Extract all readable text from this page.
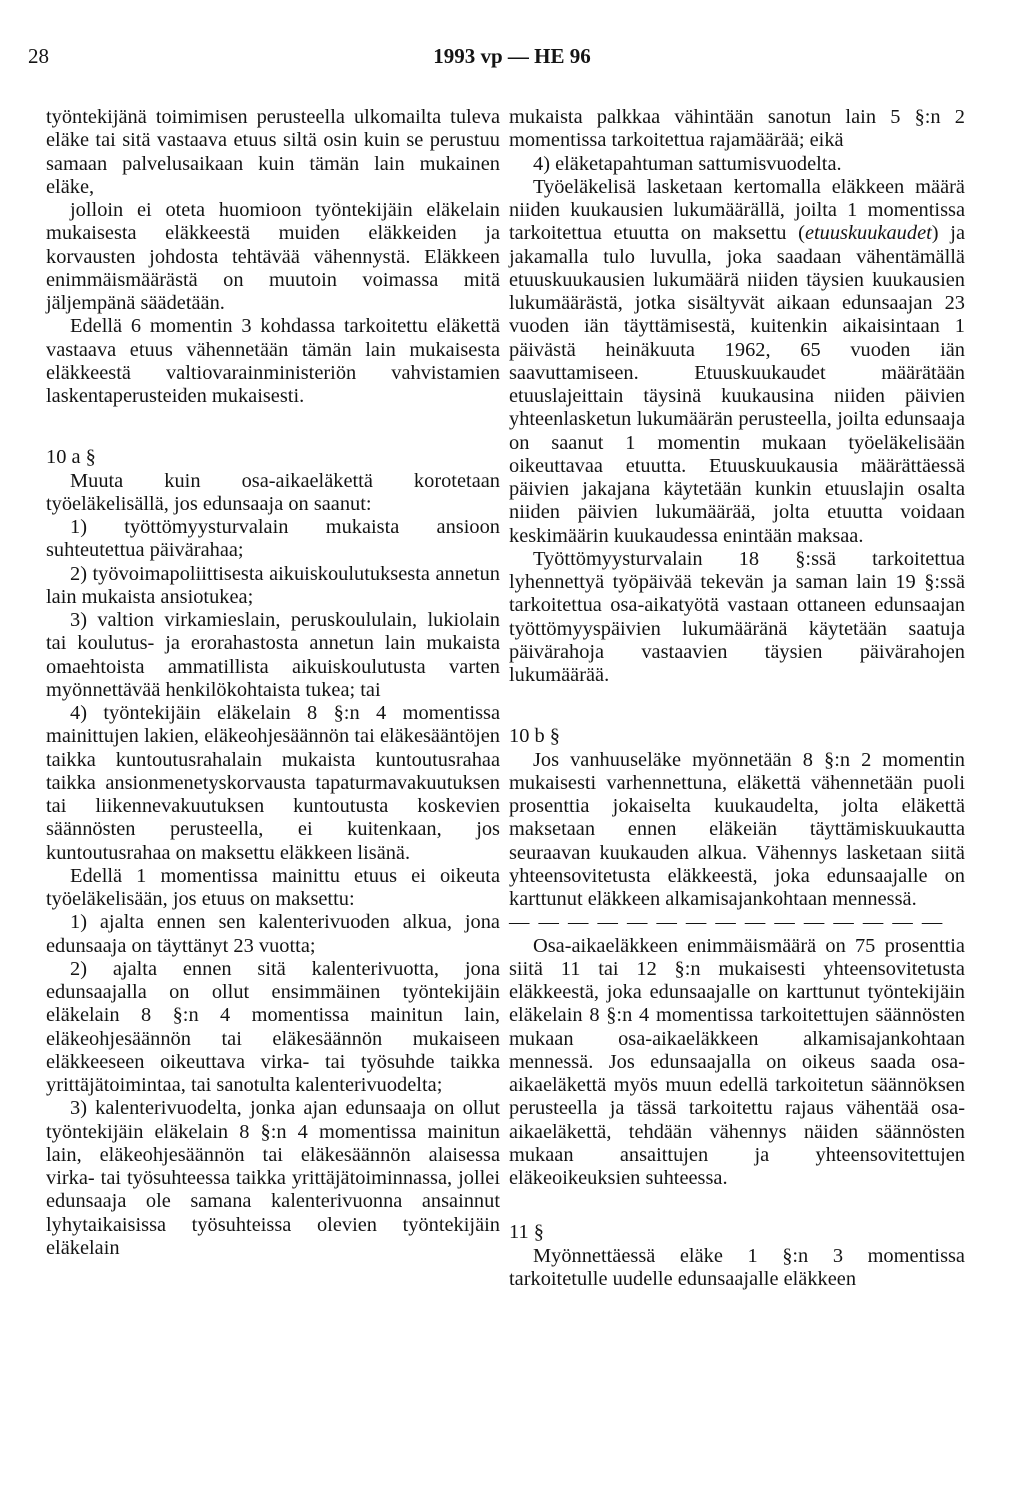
28	1993 vp — HE 96

työntekijänä toimimisen perusteella ulkomailta tuleva eläke tai sitä vastaava etuus siltä osin kuin se perustuu samaan palvelusaikaan kuin tämän lain mukainen eläke,

jolloin ei oteta huomioon työntekijäin eläkelain mukaisesta eläkkeestä muiden eläkkeiden ja korvausten johdosta tehtävää vähennystä. Eläkkeen enimmäismäärästä on muutoin voimassa mitä jäljempänä säädetään.

Edellä 6 momentin 3 kohdassa tarkoitettu eläkettä vastaava etuus vähennetään tämän lain mukaisesta eläkkeestä valtiovarainministeriön vahvistamien laskentaperusteiden mukaisesti.

10 a §

Muuta kuin osa-aikaeläkettä korotetaan työeläkelisällä, jos edunsaaja on saanut:

1) työttömyysturvalain mukaista ansioon suhteutettua päivärahaa;

2) työvoimapoliittisesta aikuiskoulutuksesta annetun lain mukaista ansiotukea;

3) valtion virkamieslain, peruskoululain, lukiolain tai koulutus- ja erorahastosta annetun lain mukaista omaehtoista ammatillista aikuiskoulutusta varten myönnettävää henkilökohtaista tukea; tai

4) työntekijäin eläkelain 8 §:n 4 momentissa mainittujen lakien, eläkeohjesäännön tai eläkesääntöjen taikka kuntoutusrahalain mukaista kuntoutusrahaa taikka ansionmenetyskorvausta tapaturmavakuutuksen tai liikennevakuutuksen kuntoutusta koskevien säännösten perusteella, ei kuitenkaan, jos kuntoutusrahaa on maksettu eläkkeen lisänä.

Edellä 1 momentissa mainittu etuus ei oikeuta työeläkelisään, jos etuus on maksettu:

1) ajalta ennen sen kalenterivuoden alkua, jona edunsaaja on täyttänyt 23 vuotta;

2) ajalta ennen sitä kalenterivuotta, jona edunsaajalla on ollut ensimmäinen työntekijäin eläkelain 8 §:n 4 momentissa mainitun lain, eläkeohjesäännön tai eläkesäännön mukaiseen eläkkeeseen oikeuttava virka- tai työsuhde taikka yrittäjätoimintaa, tai sanotulta kalenterivuodelta;

3) kalenterivuodelta, jonka ajan edunsaaja on ollut työntekijäin eläkelain 8 §:n 4 momentissa mainitun lain, eläkeohjesäännön tai eläkesäännön alaisessa virka- tai työsuhteessa taikka yrittäjätoiminnassa, jollei edunsaaja ole samana kalenterivuonna ansainnut lyhytaikaisissa työsuhteissa olevien työntekijäin eläkelain

mukaista palkkaa vähintään sanotun lain 5 §:n 2 momentissa tarkoitettua rajamäärää; eikä

4) eläketapahtuman sattumisvuodelta.

Työeläkelisä lasketaan kertomalla eläkkeen määrä niiden kuukausien lukumäärällä, joilta 1 momentissa tarkoitettua etuutta on maksettu (etuuskuukaudet) ja jakamalla tulo luvulla, joka saadaan vähentämällä etuuskuukausien lukumäärä niiden täysien kuukausien lukumäärästä, jotka sisältyvät aikaan edunsaajan 23 vuoden iän täyttämisestä, kuitenkin aikaisintaan 1 päivästä heinäkuuta 1962, 65 vuoden iän saavuttamiseen. Etuuskuukaudet määrätään etuuslajeittain täysinä kuukausina niiden päivien yhteenlasketun lukumäärän perusteella, joilta edunsaaja on saanut 1 momentin mukaan työeläkelisään oikeuttavaa etuutta. Etuuskuukausia määrättäessä päivien jakajana käytetään kunkin etuuslajin osalta niiden päivien lukumäärää, jolta etuutta voidaan keskimäärin kuukaudessa enintään maksaa.

Työttömyysturvalain 18 §:ssä tarkoitettua lyhennettyä työpäivää tekevän ja saman lain 19 §:ssä tarkoitettua osa-aikatyötä vastaan ottaneen edunsaajan työttömyyspäivien lukumääränä käytetään saatuja päivärahoja vastaavien täysien päivärahojen lukumäärää.

10 b §

Jos vanhuuseläke myönnetään 8 §:n 2 momentin mukaisesti varhennettuna, eläkettä vähennetään puoli prosenttia jokaiselta kuukaudelta, jolta eläkettä maksetaan ennen eläkeiän täyttämiskuukautta seuraavan kuukauden alkua. Vähennys lasketaan siitä yhteensovitetusta eläkkeestä, joka edunsaajalle on karttunut eläkkeen alkamisajankohtaan mennessä.

— — — — — — — — — — — — — — —

Osa-aikaeläkkeen enimmäismäärä on 75 prosenttia siitä 11 tai 12 §:n mukaisesti yhteensovitetusta eläkkeestä, joka edunsaajalle on karttunut työntekijäin eläkelain 8 §:n 4 momentissa tarkoitettujen säännösten mukaan osa-aikaeläkkeen alkamisajankohtaan mennessä. Jos edunsaajalla on oikeus saada osa-aikaeläkettä myös muun edellä tarkoitetun säännöksen perusteella ja tässä tarkoitettu rajaus vähentää osa-aikaeläkettä, tehdään vähennys näiden säännösten mukaan ansaittujen ja yhteensovitettujen eläkeoikeuksien suhteessa.

11 §

Myönnettäessä eläke 1 §:n 3 momentissa tarkoitetulle uudelle edunsaajalle eläkkeen
